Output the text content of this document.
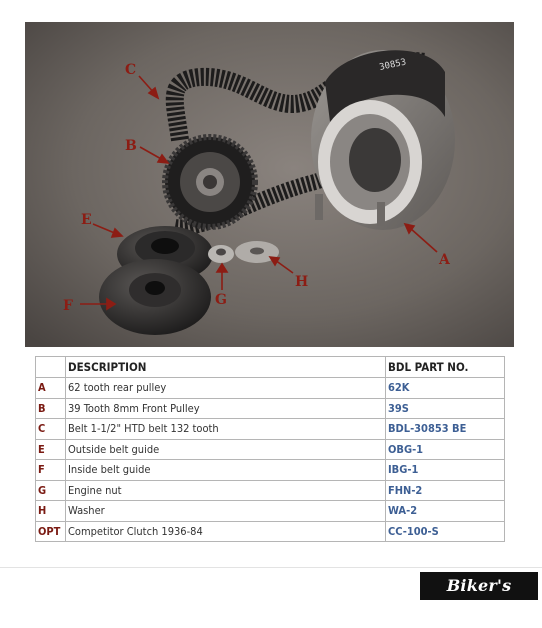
30853
C
B
E
F	G
H
A
	DESCRIPTION	BDL PART NO.
A	62 tooth rear pulley	62K
B	39 Tooth 8mm Front Pulley	39S
C	Belt 1-1/2" HTD belt 132 tooth	BDL-30853 BE
E	Outside belt guide	OBG-1
F	Inside belt guide	IBG-1
G	Engine nut	FHN-2
H	Washer	WA-2
OPT	Competitor Clutch 1936-84	CC-100-S
Biker's Store
